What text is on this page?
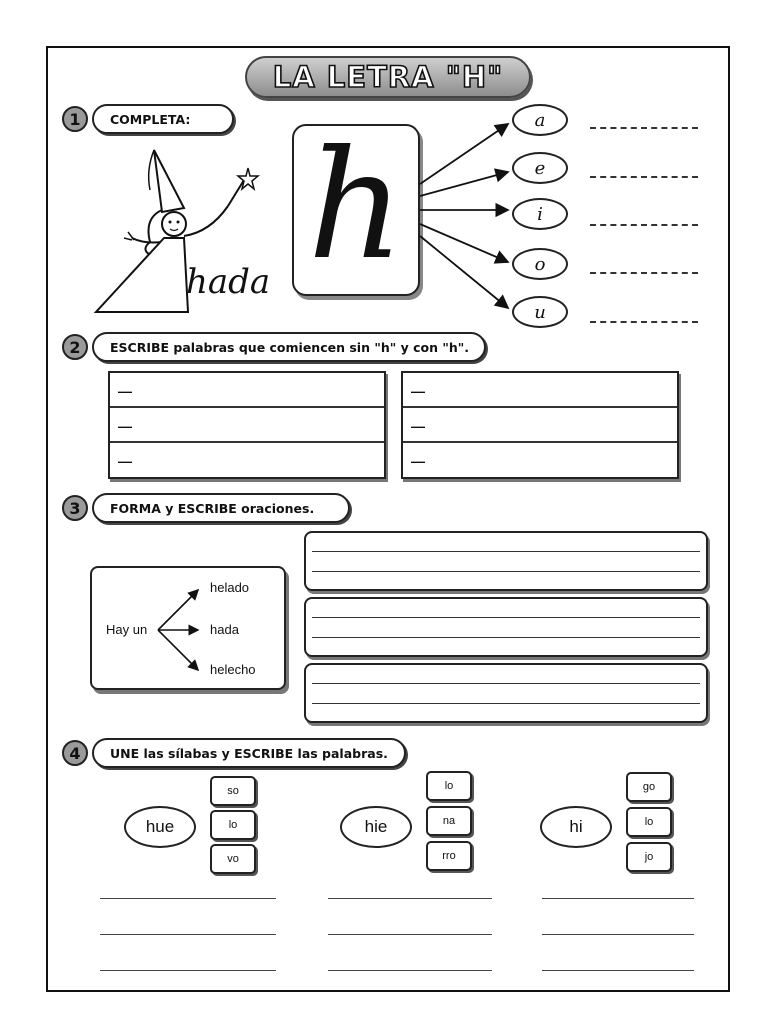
LA LETRA "H"
1	COMPLETA:
hada h	a
e
i
o
u
2	ESCRIBE palabras que comiencen sin "h" y con "h".
—
—
—
—
—
—
3	FORMA y ESCRIBE oraciones.
Hay un
helado
hada
helecho
4	UNE las sílabas y ESCRIBE las palabras.
hue
so
lo
vo
hie
lo
na
rro
hi
go
lo
jo
